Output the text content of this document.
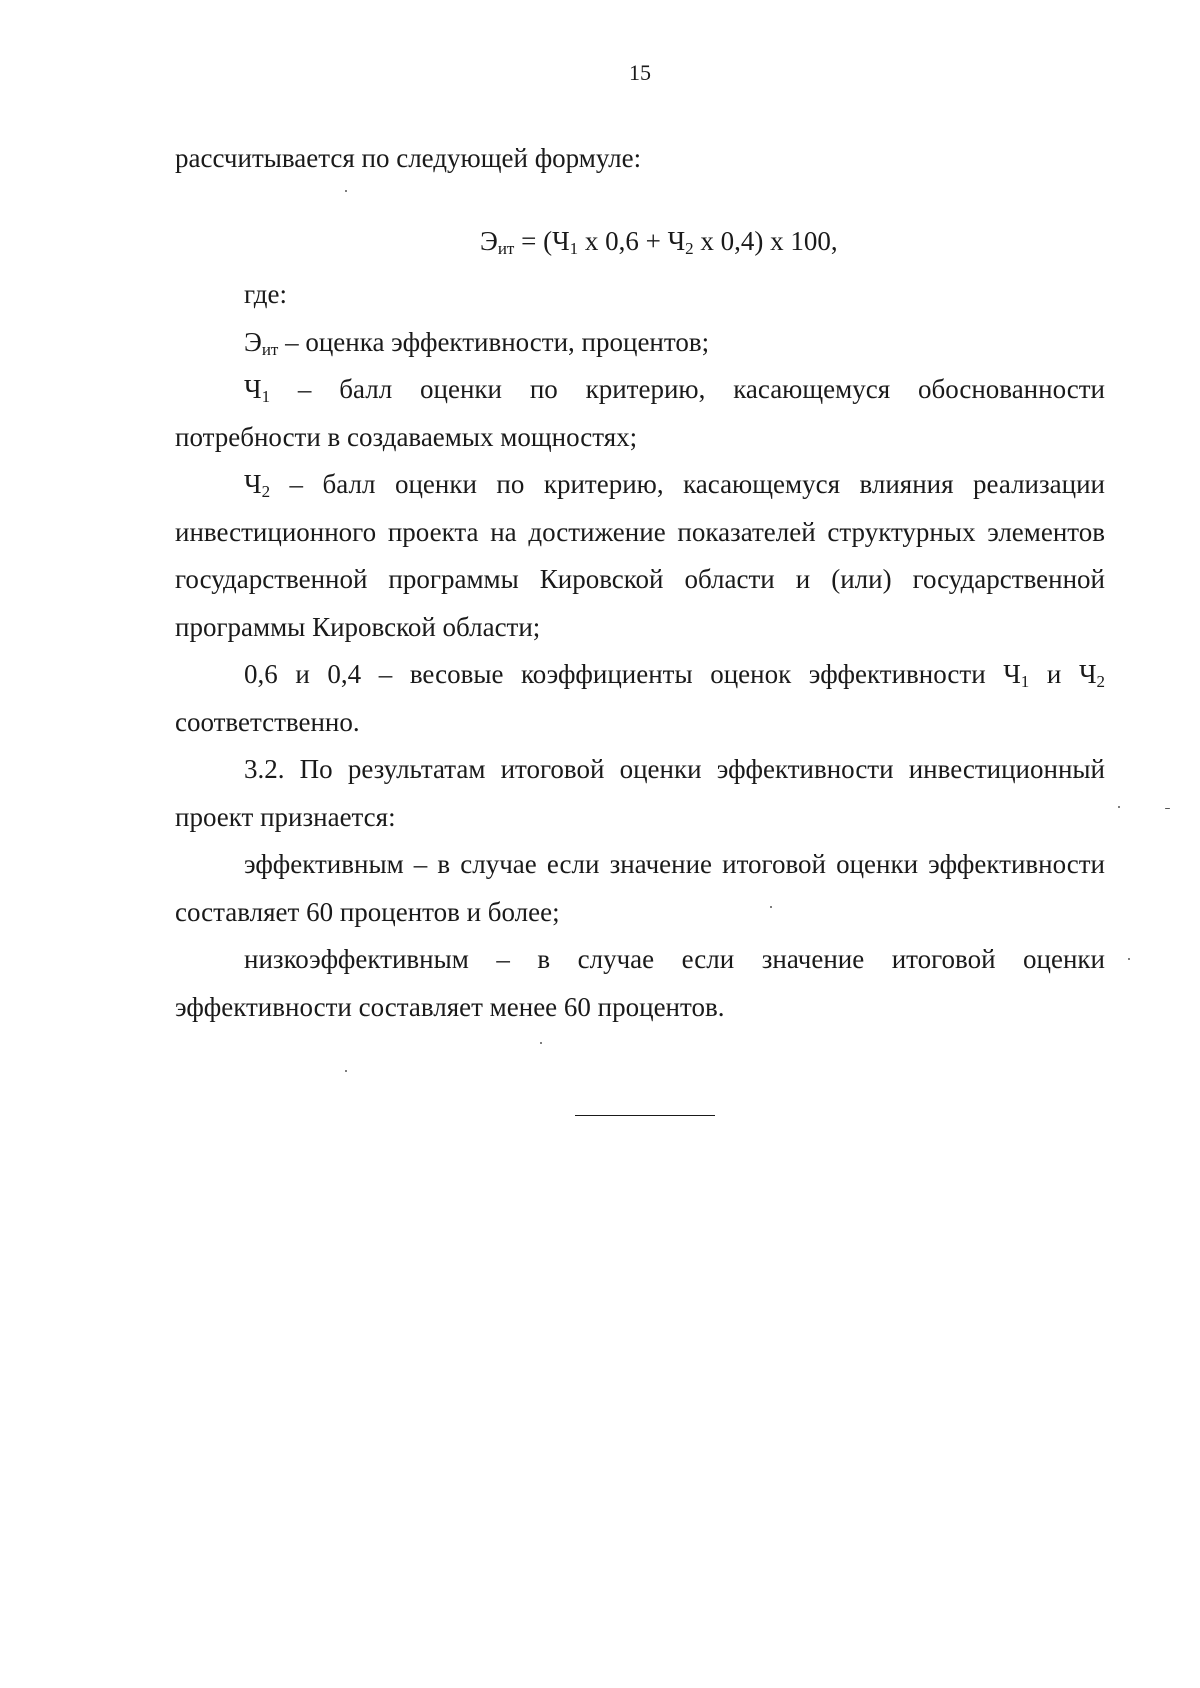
15

рассчитывается по следующей формуле:

$Э_{ит} = (Ч_1$ x $0,6 + Ч_2$ x 0,4) x 100,

где:

$Э_{ит}$ – оценка эффективности, процентов;

$Ч_1$ – балл оценки по критерию, касающемуся обоснованности потребности в создаваемых мощностях;

$Ч_2$ – балл оценки по критерию, касающемуся влияния реализации инвестиционного проекта на достижение показателей структурных элементов государственной программы Кировской области и (или) государственной программы Кировской области;

0,6 и 0,4 – весовые коэффициенты оценок эффективности $Ч_1$ и $Ч_2$ соответственно.

3.2. По результатам итоговой оценки эффективности инвестиционный проект признается:

эффективным – в случае если значение итоговой оценки эффективности составляет 60 процентов и более;

низкоэффективным – в случае если значение итоговой оценки эффективности составляет менее 60 процентов.
